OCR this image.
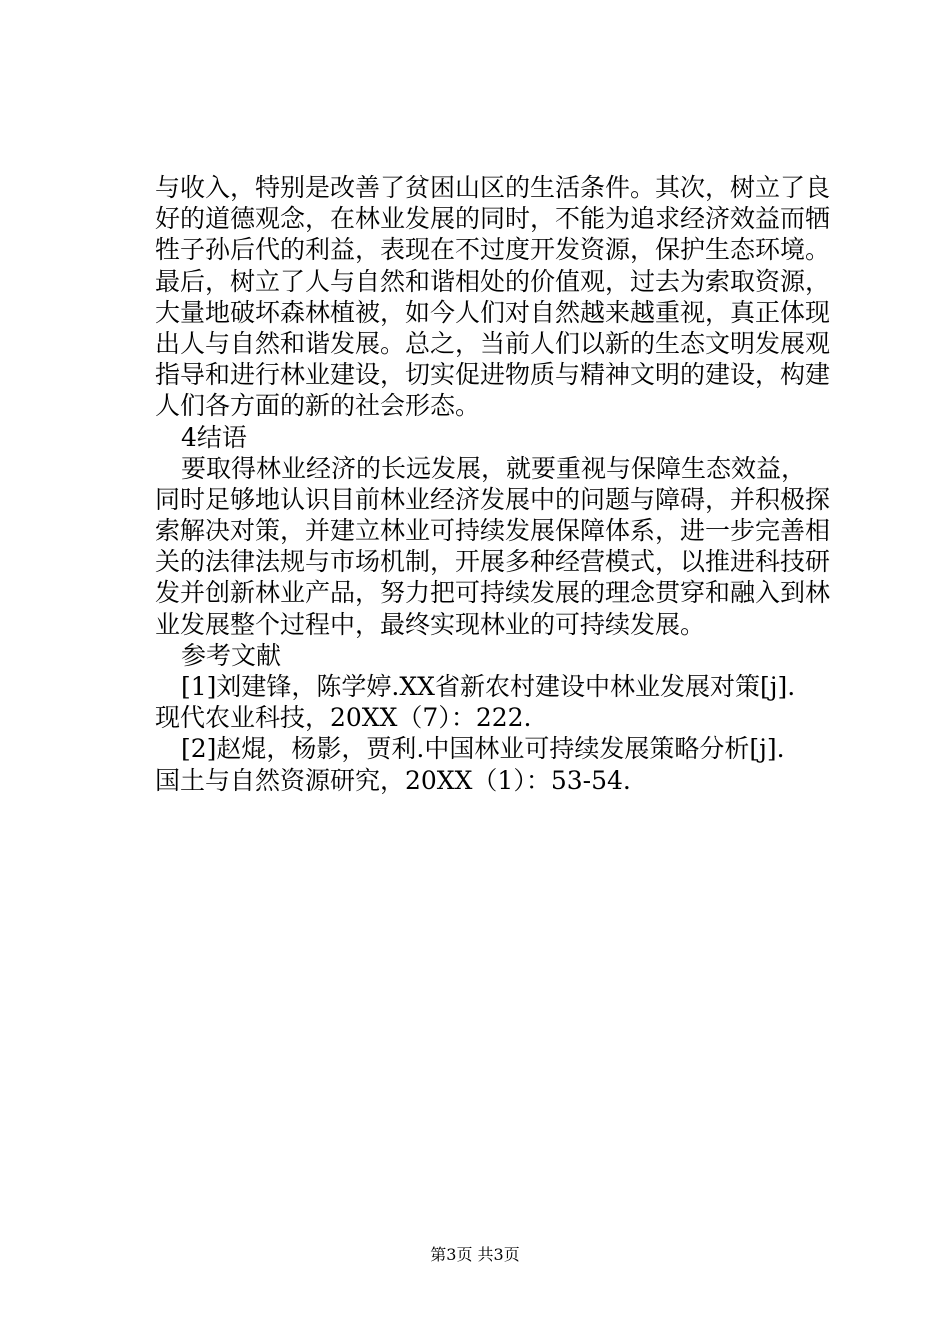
与收入，特别是改善了贫困山区的生活条件。其次，树立了良
好的道德观念，在林业发展的同时，不能为追求经济效益而牺
牲子孙后代的利益，表现在不过度开发资源，保护生态环境。
最后，树立了人与自然和谐相处的价值观，过去为索取资源，
大量地破坏森林植被，如今人们对自然越来越重视，真正体现
出人与自然和谐发展。总之，当前人们以新的生态文明发展观
指导和进行林业建设，切实促进物质与精神文明的建设，构建
人们各方面的新的社会形态。
4结语
要取得林业经济的长远发展，就要重视与保障生态效益，
同时足够地认识目前林业经济发展中的问题与障碍，并积极探
索解决对策，并建立林业可持续发展保障体系，进一步完善相
关的法律法规与市场机制，开展多种经营模式，以推进科技研
发并创新林业产品，努力把可持续发展的理念贯穿和融入到林
业发展整个过程中，最终实现林业的可持续发展。
参考文献
[1]刘建锋，陈学婷.XX省新农村建设中林业发展对策[j].
现代农业科技，20XX（7）：222.
[2]赵焜，杨影，贾利.中国林业可持续发展策略分析[j].
国土与自然资源研究，20XX（1）：53-54.
第3页 共3页
